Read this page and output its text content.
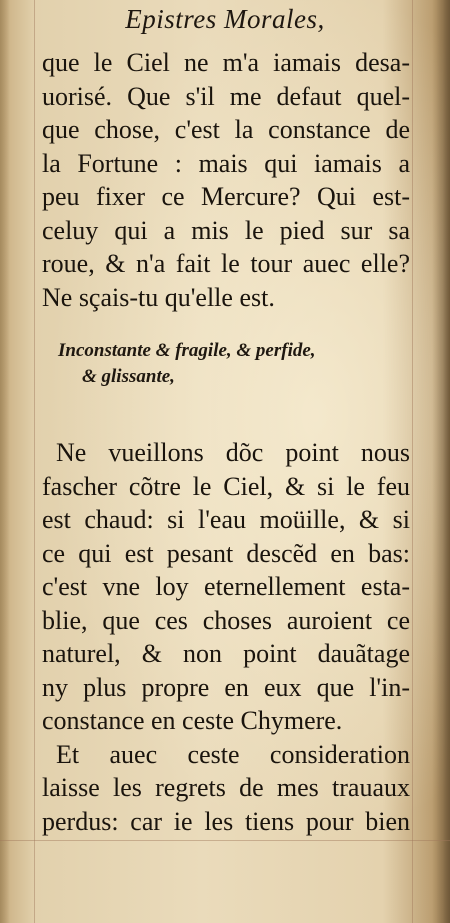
Epistres Morales,
que le Ciel ne m'a iamais desa-
uorisé. Que s'il me defaut quel-
que chose, c'est la constance de
la Fortune : mais qui iamais a
peu fixer ce Mercure? Qui est-
celuy qui a mis le pied sur sa
roue, & n'a fait le tour auec elle?
Ne sçais-tu qu'elle est.
Inconstante & fragile, & perfide,
& glissante,
Ne vueillons dõc point nous
fascher cõtre le Ciel, & si le feu
est chaud: si l'eau moüille, & si
ce qui est pesant descẽd en bas:
c'est vne loy eternellement esta-
blie, que ces choses auroient ce
naturel, & non point dauãtage
ny plus propre en eux que l'in-
constance en ceste Chymere.
Et auec ceste consideration
laisse les regrets de mes trauaux
perdus: car ie les tiens pour bien
